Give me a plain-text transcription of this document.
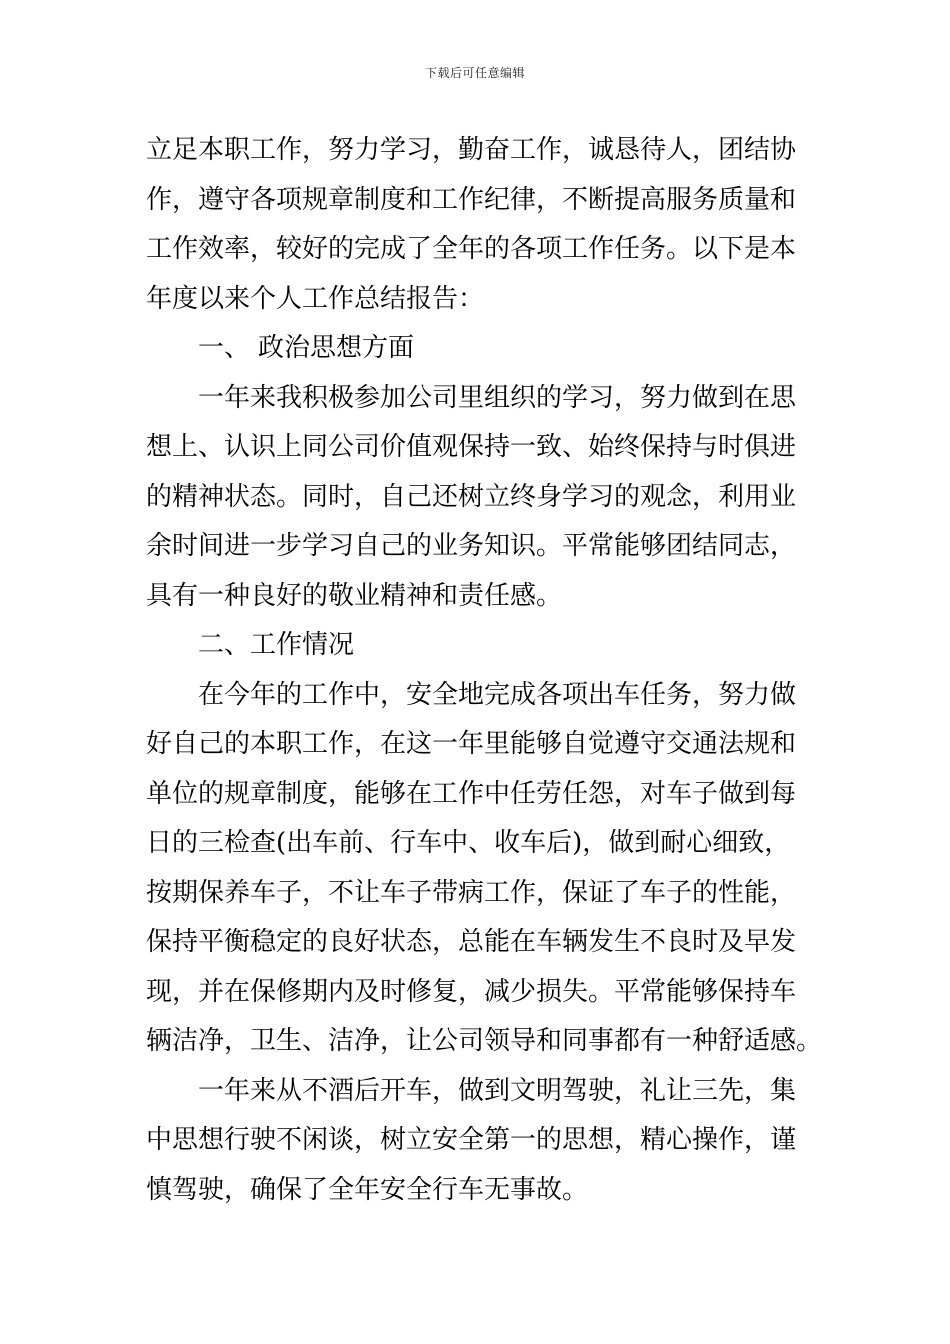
下载后可任意编辑
立足本职工作，努力学习，勤奋工作，诚恳待人，团结协
作，遵守各项规章制度和工作纪律，不断提高服务质量和
工作效率，较好的完成了全年的各项工作任务。以下是本
年度以来个人工作总结报告：
一、 政治思想方面
一年来我积极参加公司里组织的学习，努力做到在思
想上、认识上同公司价值观保持一致、始终保持与时俱进
的精神状态。同时，自己还树立终身学习的观念，利用业
余时间进一步学习自己的业务知识。平常能够团结同志，
具有一种良好的敬业精神和责任感。
二、工作情况
在今年的工作中，安全地完成各项出车任务，努力做
好自己的本职工作，在这一年里能够自觉遵守交通法规和
单位的规章制度，能够在工作中任劳任怨，对车子做到每
日的三检查(出车前、行车中、收车后)，做到耐心细致，
按期保养车子，不让车子带病工作，保证了车子的性能，
保持平衡稳定的良好状态，总能在车辆发生不良时及早发
现，并在保修期内及时修复，减少损失。平常能够保持车
辆洁净，卫生、洁净，让公司领导和同事都有一种舒适感。
一年来从不酒后开车，做到文明驾驶，礼让三先，集
中思想行驶不闲谈，树立安全第一的思想，精心操作，谨
慎驾驶，确保了全年安全行车无事故。
